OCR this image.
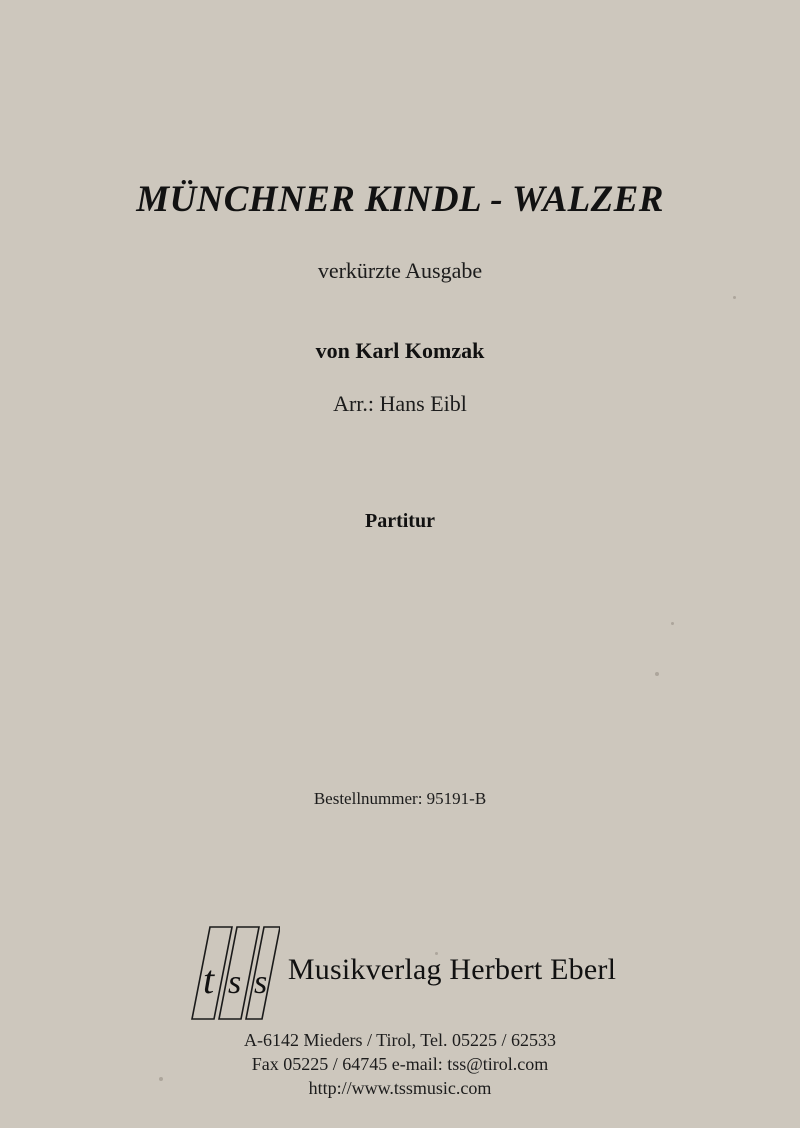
MÜNCHNER KINDL - WALZER
verkürzte Ausgabe
von Karl Komzak
Arr.: Hans Eibl
Partitur
Bestellnummer: 95191-B
t s s Musikverlag Herbert Eberl
A-6142 Mieders / Tirol, Tel. 05225 / 62533
Fax 05225 / 64745 e-mail: tss@tirol.com
http://www.tssmusic.com
